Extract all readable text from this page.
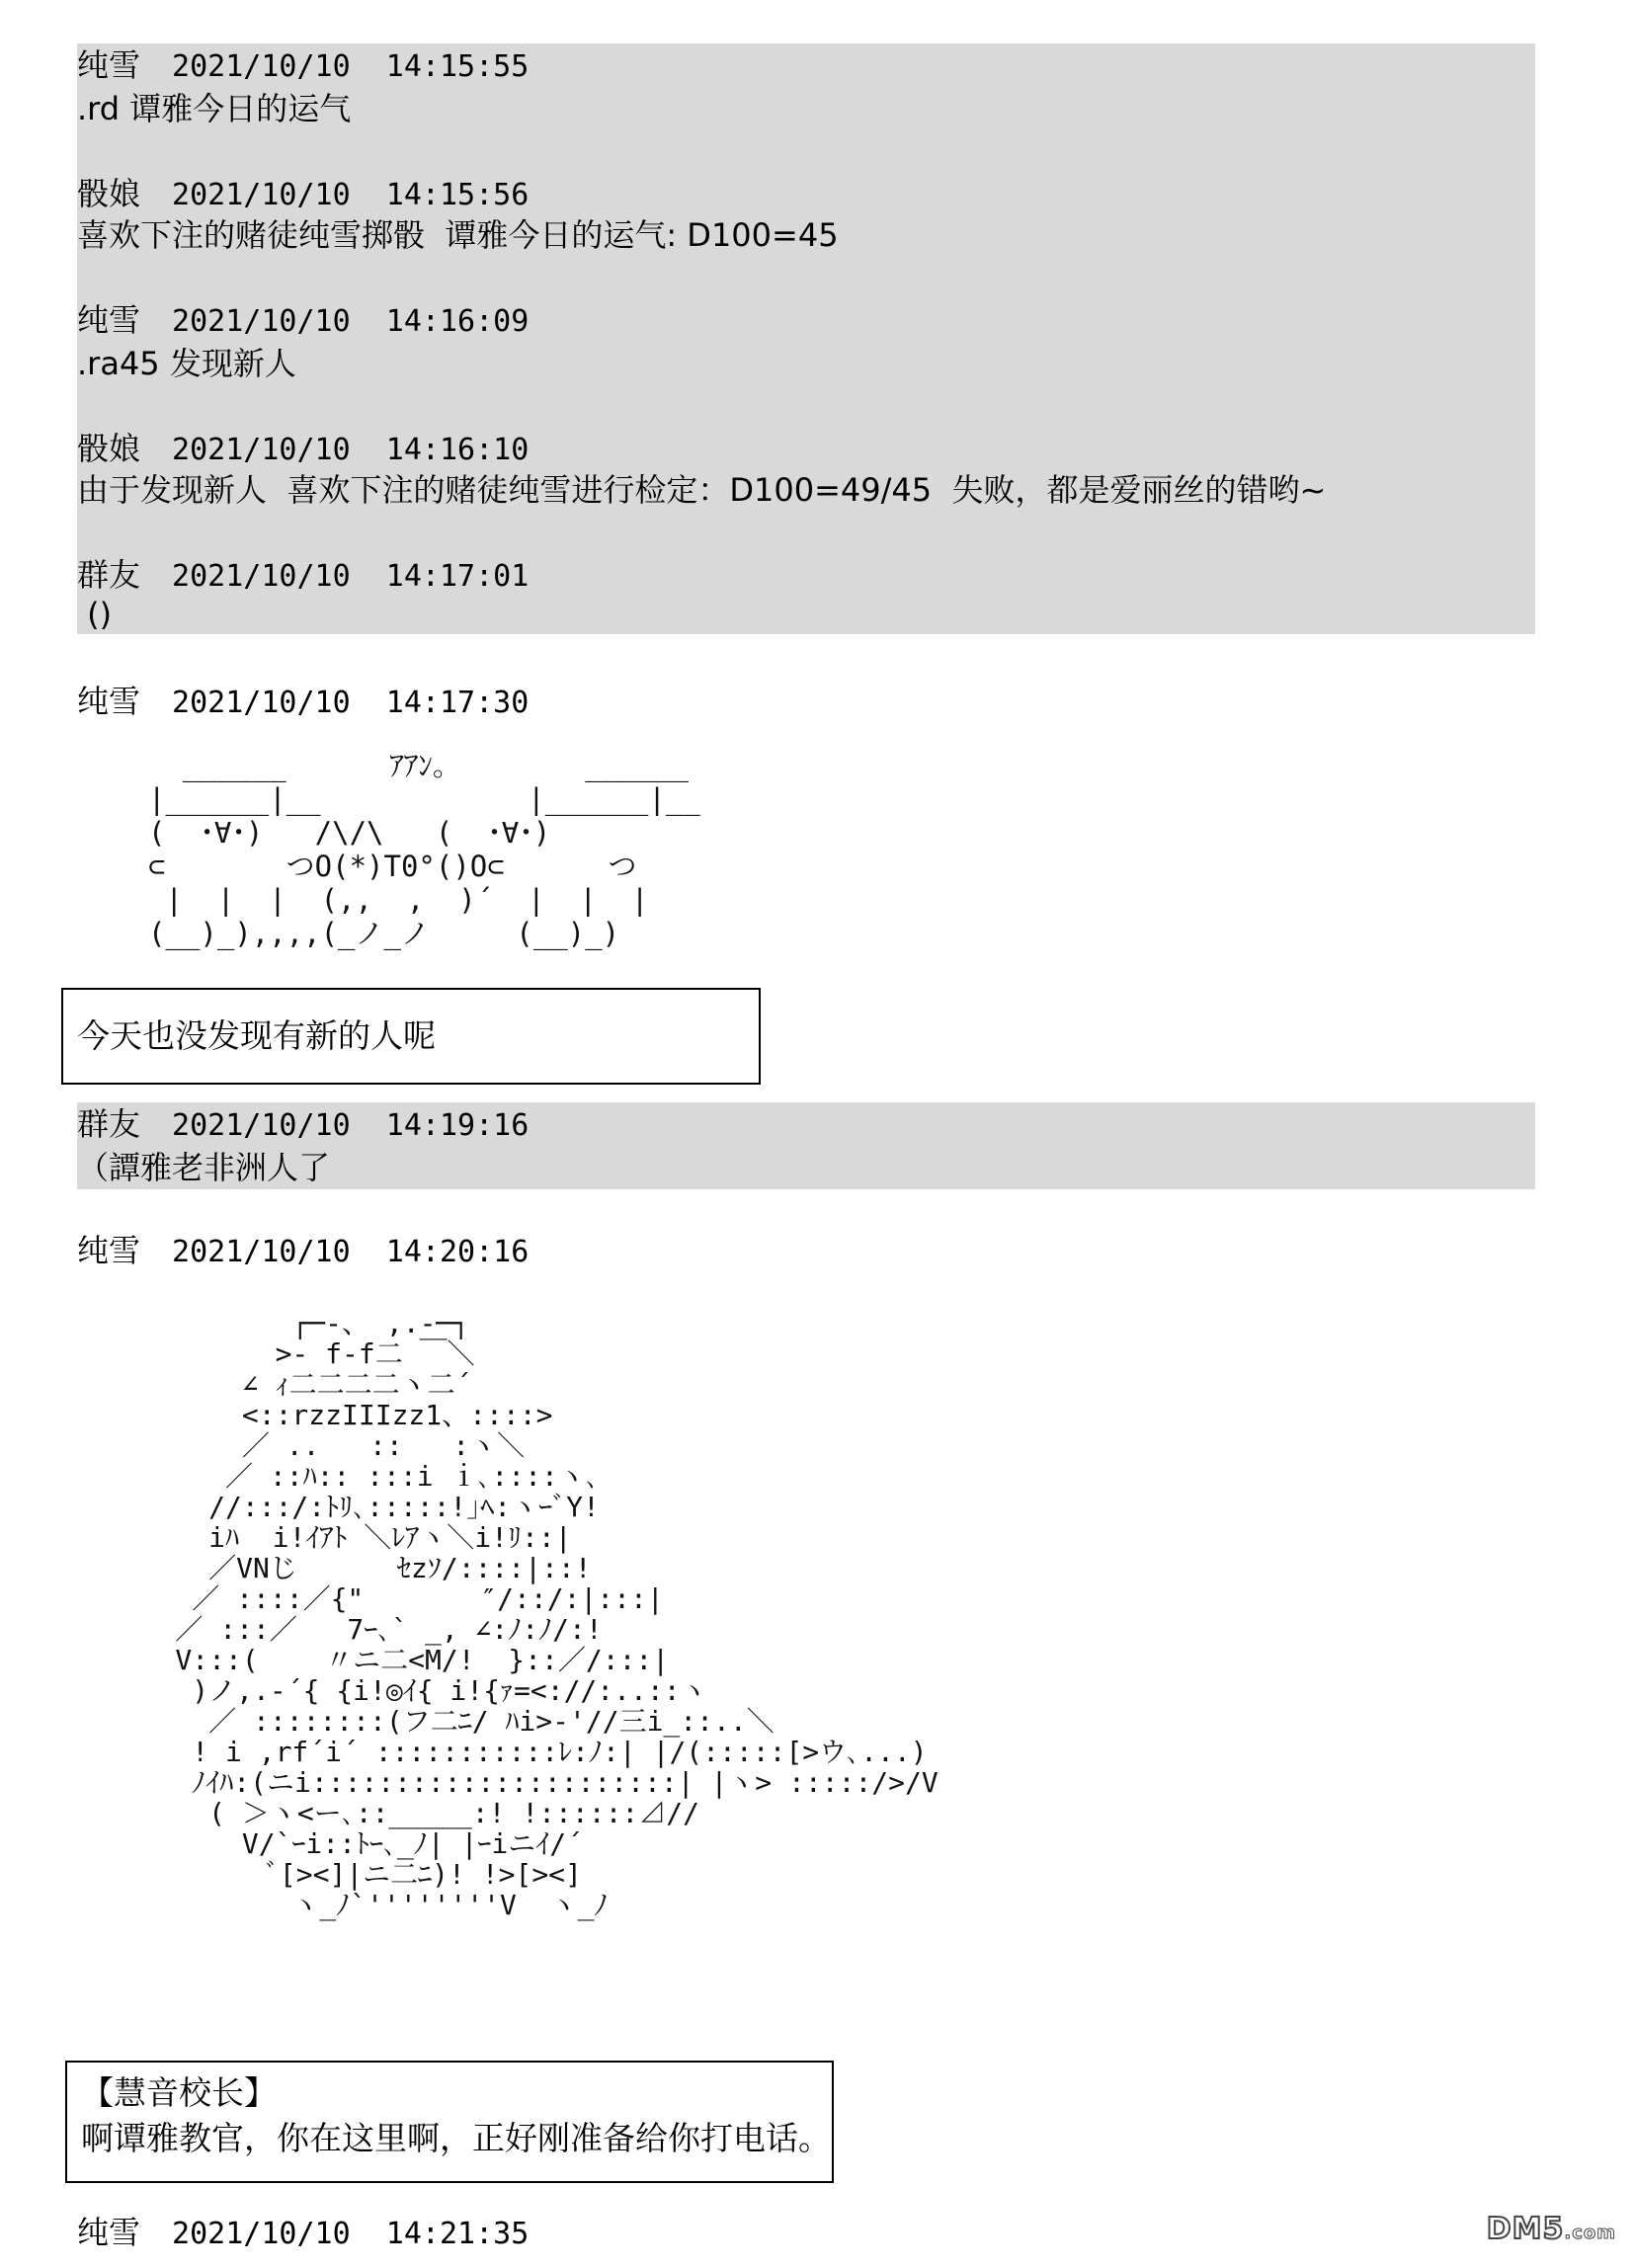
纯雪 2021/10/10 14:15:55
.rd 谭雅今日的运气
骰娘 2021/10/10 14:15:56
喜欢下注的赌徒纯雪掷骰  谭雅今日的运气: D100=45
纯雪 2021/10/10 14:16:09
.ra45 发现新人
骰娘 2021/10/10 14:16:10
由于发现新人  喜欢下注的赌徒纯雪进行检定：D100=49/45  失败，都是爱丽丝的错哟~
群友 2021/10/10 14:17:01
()
纯雪 2021/10/10 14:17:30
______      ｱｱﾝ｡        ______
|______|__            |______|__
(  ･∀･)   /\/\   (  ･∀･)
⊂       つO(*)T0°()O⊂      つ
|  |  |  (,,  ,  )´  |  |  |
(__)_),,,,(_ノ_ノ     (__)_)
今天也没发现有新的人呢
群友 2021/10/10 14:19:16
（譚雅老非洲人了
纯雪 2021/10/10 14:20:16
┌─-、 ,.-─┐
>- f-f二 ￣＼
∠ ｨ二二二二ヽ二´
<::rzzIIIzz1、::::>
／ ..   ::   :ヽ＼
／ ::ﾊ:: :::i ｉ､::::ヽ､
//:::/:ﾄﾘ､:::::!｣ﾍ:ヽｰﾞY!
iﾊ  i!ｲｱﾄ ＼ﾚｱヽ＼i!ﾘ::|
／VNじ      ｾzｿ/::::|::!
／ ::::／{"       ″/::/:|:::|
／ :::／   7ｰ､` _, ∠:ﾉ:ﾉ/:!
V:::(    〃ニ二<M/!  }::／/:::|
)ノ,.-´{ {i!◎ｲ{ i!{ｧ=<://:..::ヽ
／ ::::::::(フ二ﾆ/ ﾊi>-'//三i_::..＼
! i ,rf´i´ :::::::::::ﾚ:ﾉ:| |/(:::::[>ウ､...)
ﾉｲﾊ:(ニi::::::::::::::::::::::| |ヽ> :::::/>/V
( ＞ヽ<ー､::_____:! !::::::⊿//
V/`ｰi::ﾄｰ､_ﾉ| |ｰiニｲ/´
ﾞ[><]|ニ二ﾆ)! !>[><]
ヽ_ﾉ`''''''''V  ヽ_ﾉ
【慧音校长】
啊谭雅教官，你在这里啊，正好刚准备给你打电话。
纯雪 2021/10/10 14:21:35	DM5.com
